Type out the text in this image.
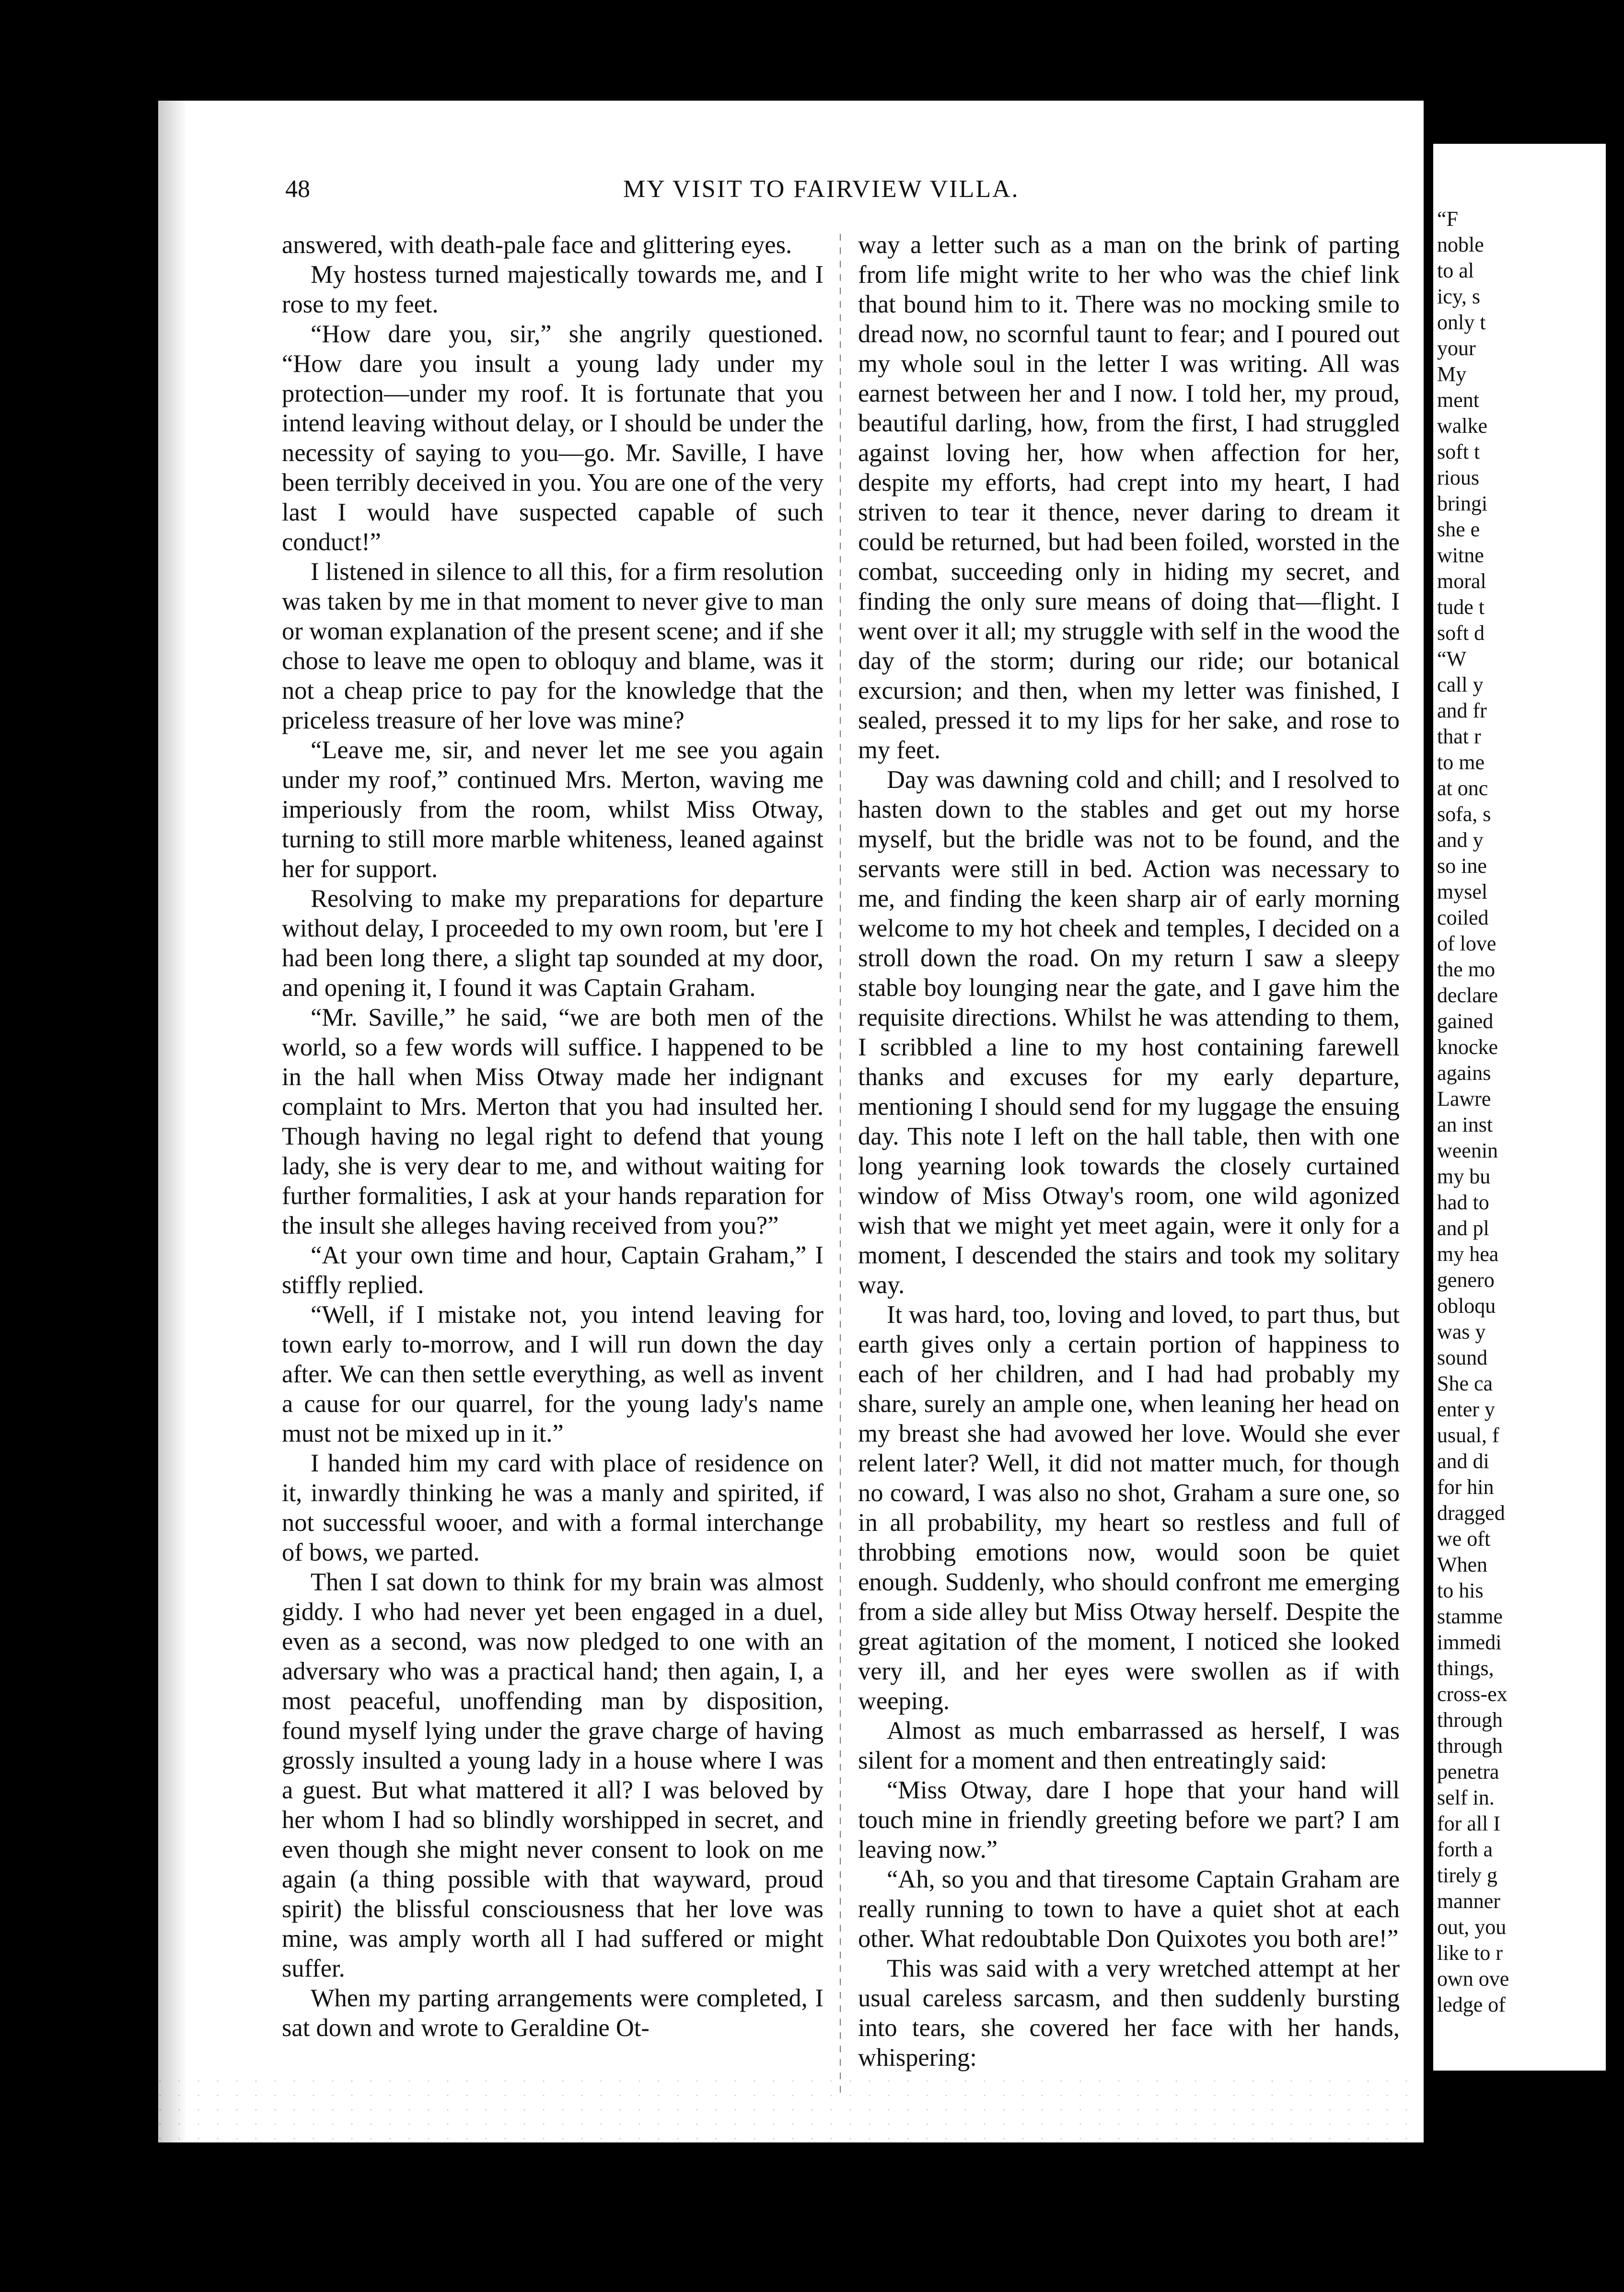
48	MY VISIT TO FAIRVIEW VILLA.

answered, with death-pale face and glittering eyes.

My hostess turned majestically towards me, and I rose to my feet.

“How dare you, sir,” she angrily questioned. “How dare you insult a young lady under my protection—under my roof. It is fortunate that you intend leaving without delay, or I should be under the necessity of saying to you—go. Mr. Saville, I have been terribly deceived in you. You are one of the very last I would have suspected capable of such conduct!”

I listened in silence to all this, for a firm resolution was taken by me in that moment to never give to man or woman explanation of the present scene; and if she chose to leave me open to obloquy and blame, was it not a cheap price to pay for the knowledge that the priceless treasure of her love was mine?

“Leave me, sir, and never let me see you again under my roof,” continued Mrs. Merton, waving me imperiously from the room, whilst Miss Otway, turning to still more marble whiteness, leaned against her for support.

Resolving to make my preparations for departure without delay, I proceeded to my own room, but 'ere I had been long there, a slight tap sounded at my door, and opening it, I found it was Captain Graham.

“Mr. Saville,” he said, “we are both men of the world, so a few words will suffice. I happened to be in the hall when Miss Otway made her indignant complaint to Mrs. Merton that you had insulted her. Though having no legal right to defend that young lady, she is very dear to me, and without waiting for further formalities, I ask at your hands reparation for the insult she alleges having received from you?”

“At your own time and hour, Captain Graham,” I stiffly replied.

“Well, if I mistake not, you intend leaving for town early to-morrow, and I will run down the day after. We can then settle everything, as well as invent a cause for our quarrel, for the young lady's name must not be mixed up in it.”

I handed him my card with place of residence on it, inwardly thinking he was a manly and spirited, if not successful wooer, and with a formal interchange of bows, we parted.

Then I sat down to think for my brain was almost giddy. I who had never yet been engaged in a duel, even as a second, was now pledged to one with an adversary who was a practical hand; then again, I, a most peaceful, unoffending man by disposition, found myself lying under the grave charge of having grossly insulted a young lady in a house where I was a guest. But what mattered it all? I was beloved by her whom I had so blindly worshipped in secret, and even though she might never consent to look on me again (a thing possible with that wayward, proud spirit) the blissful consciousness that her love was mine, was amply worth all I had suffered or might suffer.

When my parting arrangements were completed, I sat down and wrote to Geraldine Ot-

way a letter such as a man on the brink of parting from life might write to her who was the chief link that bound him to it. There was no mocking smile to dread now, no scornful taunt to fear; and I poured out my whole soul in the letter I was writing. All was earnest between her and I now. I told her, my proud, beautiful darling, how, from the first, I had struggled against loving her, how when affection for her, despite my efforts, had crept into my heart, I had striven to tear it thence, never daring to dream it could be returned, but had been foiled, worsted in the combat, succeeding only in hiding my secret, and finding the only sure means of doing that—flight. I went over it all; my struggle with self in the wood the day of the storm; during our ride; our botanical excursion; and then, when my letter was finished, I sealed, pressed it to my lips for her sake, and rose to my feet.

Day was dawning cold and chill; and I resolved to hasten down to the stables and get out my horse myself, but the bridle was not to be found, and the servants were still in bed. Action was necessary to me, and finding the keen sharp air of early morning welcome to my hot cheek and temples, I decided on a stroll down the road. On my return I saw a sleepy stable boy lounging near the gate, and I gave him the requisite directions. Whilst he was attending to them, I scribbled a line to my host containing farewell thanks and excuses for my early departure, mentioning I should send for my luggage the ensuing day. This note I left on the hall table, then with one long yearning look towards the closely curtained window of Miss Otway's room, one wild agonized wish that we might yet meet again, were it only for a moment, I descended the stairs and took my solitary way.

It was hard, too, loving and loved, to part thus, but earth gives only a certain portion of happiness to each of her children, and I had had probably my share, surely an ample one, when leaning her head on my breast she had avowed her love. Would she ever relent later? Well, it did not matter much, for though no coward, I was also no shot, Graham a sure one, so in all probability, my heart so restless and full of throbbing emotions now, would soon be quiet enough. Suddenly, who should confront me emerging from a side alley but Miss Otway herself. Despite the great agitation of the moment, I noticed she looked very ill, and her eyes were swollen as if with weeping.

Almost as much embarrassed as herself, I was silent for a moment and then entreatingly said:

“Miss Otway, dare I hope that your hand will touch mine in friendly greeting before we part? I am leaving now.”

“Ah, so you and that tiresome Captain Graham are really running to town to have a quiet shot at each other. What redoubtable Don Quixotes you both are!”

This was said with a very wretched attempt at her usual careless sarcasm, and then suddenly bursting into tears, she covered her face with her hands, whispering:

“F
noble
to al
icy, s
only t
your
My
ment
walke
soft t
rious
bringi
she e
witne
moral
tude t
soft d
“W
call y
and fr
that r
to me
at onc
sofa, s
and y
so ine
mysel
coiled
of love
the mo
declare
gained
knocke
agains
Lawre
an inst
weenin
my bu
had to
and pl
my hea
genero
obloqu
was y
sound
She ca
enter y
usual, f
and di
for hin
dragged
we oft
When
to his
stamme
immedi
things,
cross-ex
through
through
penetra
self in.
for all I
forth a
tirely g
manner
out, you
like to r
own ove
ledge of
